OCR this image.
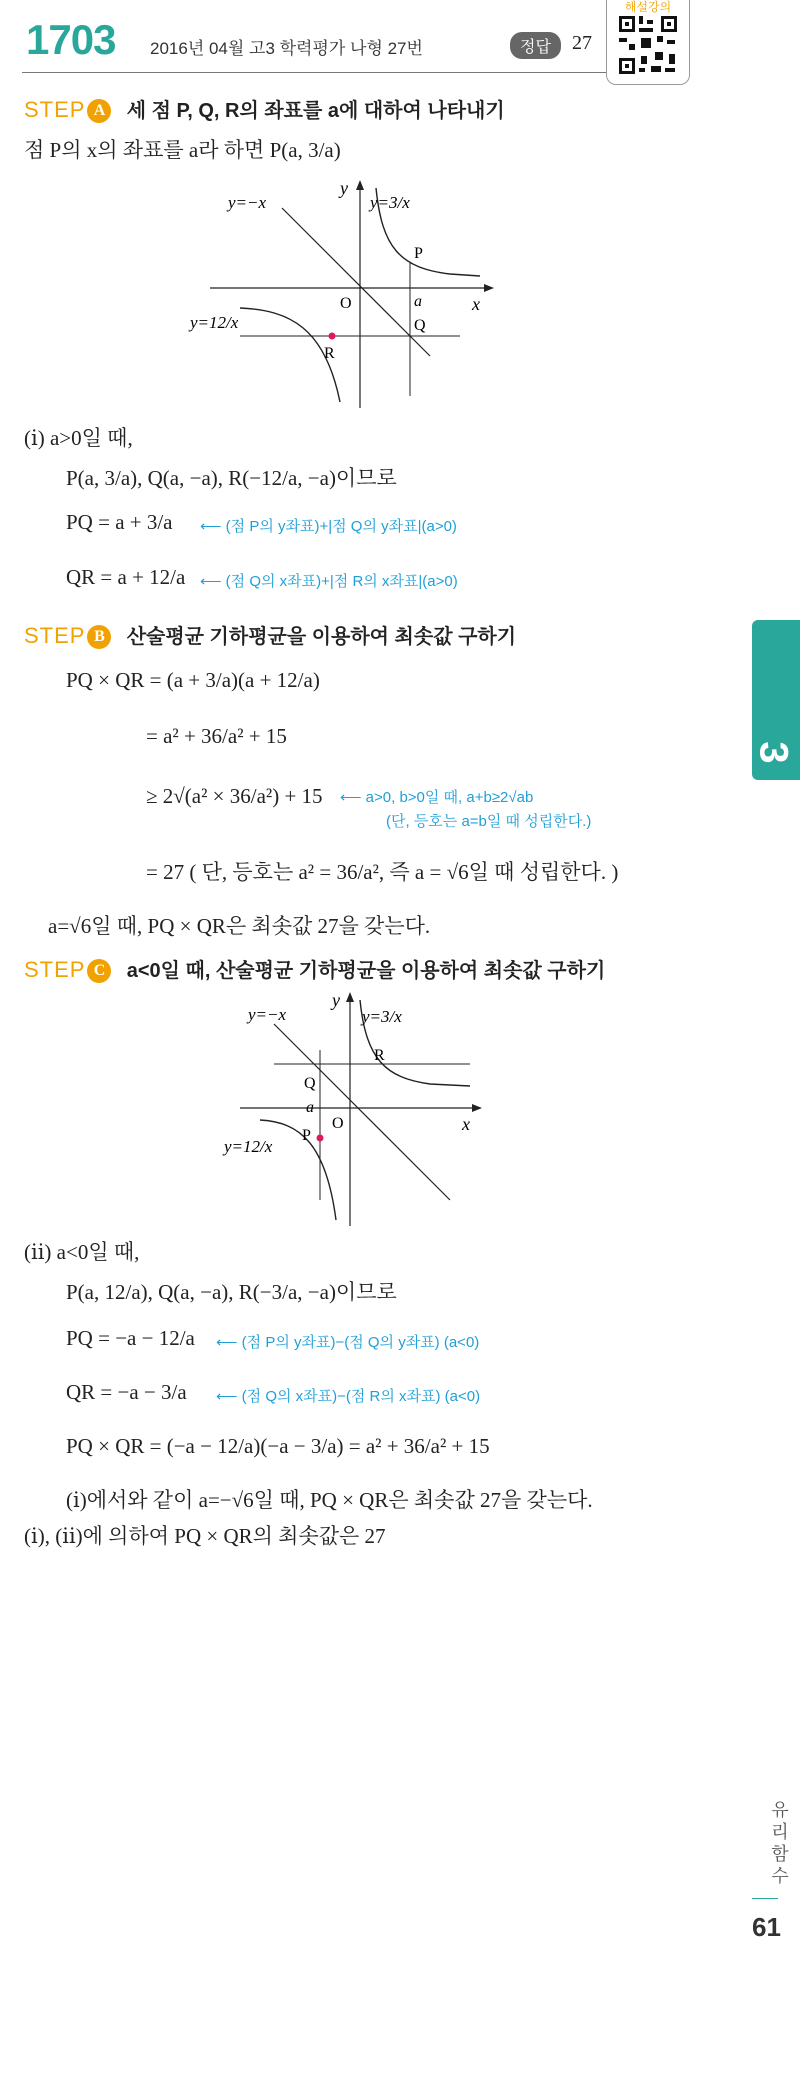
1703 2016년 04월 고3 학력평가 나형 27번	정답	27
해설강의
STEP A 세 점 P, Q, R의 좌표를 a에 대하여 나타내기
점 P의 x의 좌표를 a라 하면 P(a, 3/a)
x
y
O
P
Q
R
a
y=−x	y=3/x
y=12/x
(ⅰ) a>0일 때,
P(a, 3/a), Q(a, −a), R(−12/a, −a)이므로
PQ = a + 3/a ⟵ (점 P의 y좌표)+|점 Q의 y좌표|(a>0)
QR = a + 12/a ⟵ (점 Q의 x좌표)+|점 R의 x좌표|(a>0)
STEP B 산술평균 기하평균을 이용하여 최솟값 구하기
PQ × QR = (a + 3/a)(a + 12/a)
= a² + 36/a² + 15
≥ 2√(a² × 36/a²) + 15 ⟵ a>0, b>0일 때, a+b≥2√ab
(단, 등호는 a=b일 때 성립한다.)
= 27 ( 단, 등호는 a² = 36/a², 즉 a = √6일 때 성립한다. )
a=√6일 때, PQ × QR은 최솟값 27을 갖는다.
STEP C a<0일 때, 산술평균 기하평균을 이용하여 최솟값 구하기
x
y
O
P
Q
R
a
y=−x	y=3/x
y=12/x
(ⅱ) a<0일 때,
P(a, 12/a), Q(a, −a), R(−3/a, −a)이므로
PQ = −a − 12/a ⟵ (점 P의 y좌표)−(점 Q의 y좌표) (a<0)
QR = −a − 3/a ⟵ (점 Q의 x좌표)−(점 R의 x좌표) (a<0)
PQ × QR = (−a − 12/a)(−a − 3/a) = a² + 36/a² + 15
(ⅰ)에서와 같이 a=−√6일 때, PQ × QR은 최솟값 27을 갖는다.
(ⅰ), (ⅱ)에 의하여 PQ × QR의 최솟값은 27
3
유리함수
61
